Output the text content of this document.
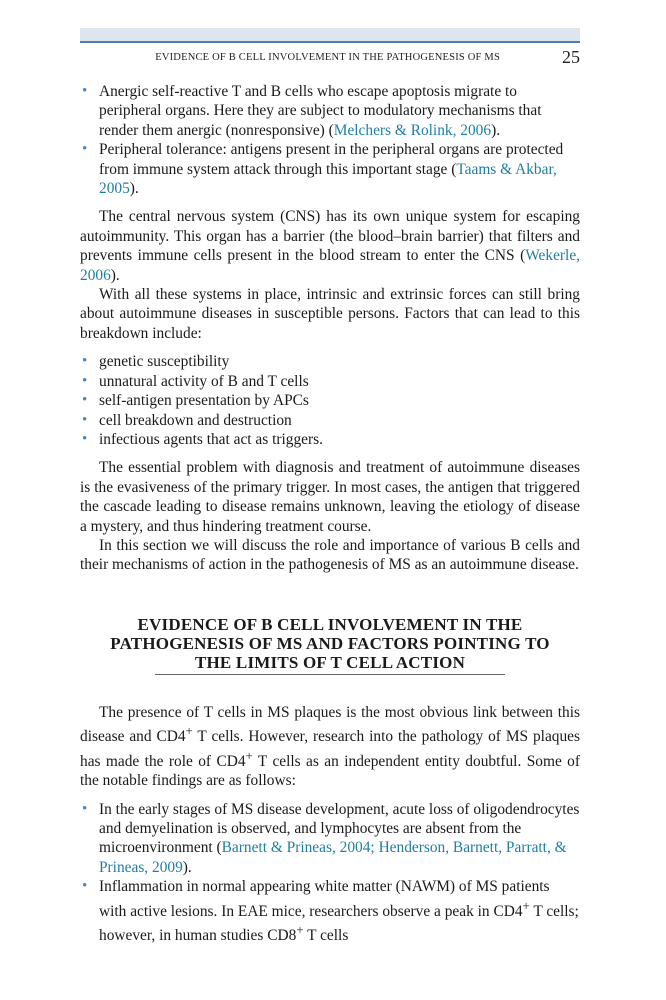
EVIDENCE OF B CELL INVOLVEMENT IN THE PATHOGENESIS OF MS	25
• Anergic self-reactive T and B cells who escape apoptosis migrate to peripheral organs. Here they are subject to modulatory mechanisms that render them anergic (nonresponsive) (Melchers & Rolink, 2006).
• Peripheral tolerance: antigens present in the peripheral organs are protected from immune system attack through this important stage (Taams & Akbar, 2005).

The central nervous system (CNS) has its own unique system for escaping autoimmunity. This organ has a barrier (the blood–brain barrier) that filters and prevents immune cells present in the blood stream to enter the CNS (Wekerle, 2006).

With all these systems in place, intrinsic and extrinsic forces can still bring about autoimmune diseases in susceptible persons. Factors that can lead to this breakdown include:

• genetic susceptibility
• unnatural activity of B and T cells
• self-antigen presentation by APCs
• cell breakdown and destruction
• infectious agents that act as triggers.

The essential problem with diagnosis and treatment of autoimmune diseases is the evasiveness of the primary trigger. In most cases, the antigen that triggered the cascade leading to disease remains unknown, leaving the etiology of disease a mystery, and thus hindering treatment course.

In this section we will discuss the role and importance of various B cells and their mechanisms of action in the pathogenesis of MS as an autoimmune disease.

EVIDENCE OF B CELL INVOLVEMENT IN THE PATHOGENESIS OF MS AND FACTORS POINTING TO THE LIMITS OF T CELL ACTION

The presence of T cells in MS plaques is the most obvious link between this disease and CD4+ T cells. However, research into the pathology of MS plaques has made the role of CD4+ T cells as an independent entity doubtful. Some of the notable findings are as follows:

• In the early stages of MS disease development, acute loss of oligodendrocytes and demyelination is observed, and lymphocytes are absent from the microenvironment (Barnett & Prineas, 2004; Henderson, Barnett, Parratt, & Prineas, 2009).
• Inflammation in normal appearing white matter (NAWM) of MS patients with active lesions. In EAE mice, researchers observe a peak in CD4+ T cells; however, in human studies CD8+ T cells
